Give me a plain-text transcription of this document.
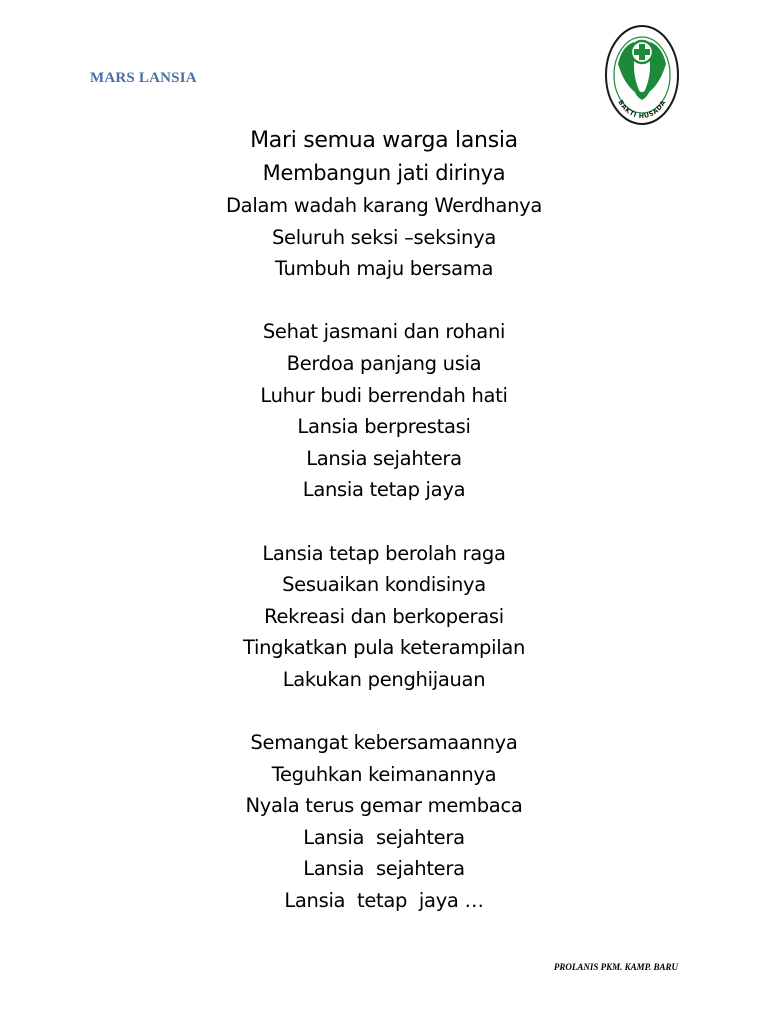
MARS LANSIA
BAKTI HUSADA
Mari semua warga lansia
Membangun jati dirinya
Dalam wadah karang Werdhanya
Seluruh seksi –seksinya
Tumbuh maju bersama
Sehat jasmani dan rohani
Berdoa panjang usia
Luhur budi berrendah hati
Lansia berprestasi
Lansia sejahtera
Lansia tetap jaya
Lansia tetap berolah raga
Sesuaikan kondisinya
Rekreasi dan berkoperasi
Tingkatkan pula keterampilan
Lakukan penghijauan
Semangat kebersamaannya
Teguhkan keimanannya
Nyala terus gemar membaca
Lansia  sejahtera
Lansia  sejahtera
Lansia  tetap  jaya …
PROLANIS PKM. KAMP. BARU
